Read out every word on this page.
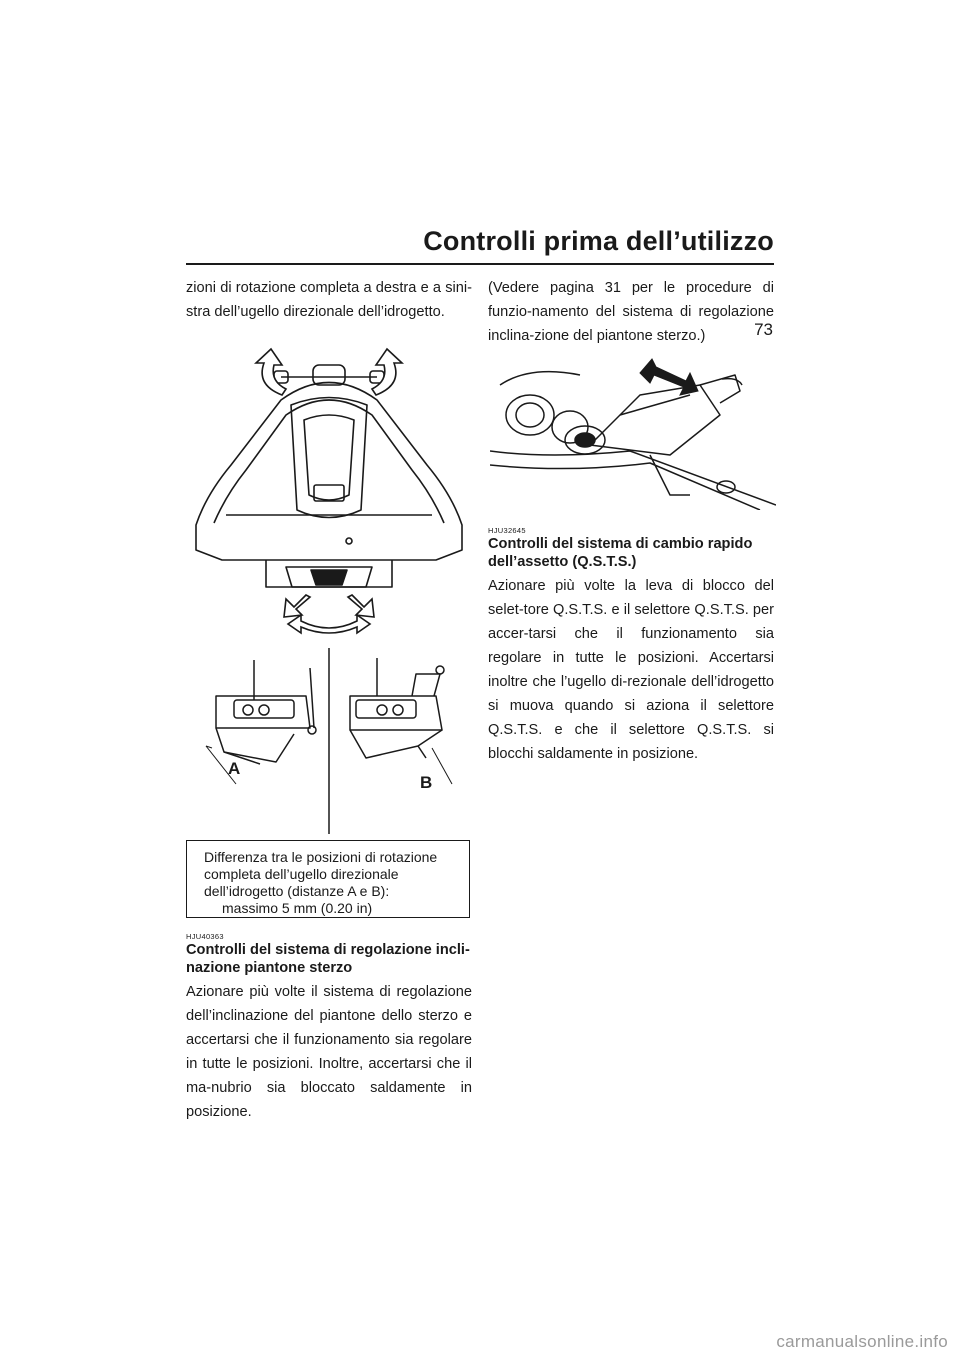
Controlli prima dell’utilizzo
73

zioni di rotazione completa a destra e a sini-stra dell’ugello direzionale dell’idrogetto.

A
B
Differenza tra le posizioni di rotazione
completa dell’ugello direzionale
dell’idrogetto (distanze A e B):
massimo 5 mm (0.20 in)
HJU40363

Controlli del sistema di regolazione incli-nazione piantone sterzo

Azionare più volte il sistema di regolazione dell’inclinazione del piantone dello sterzo e accertarsi che il funzionamento sia regolare in tutte le posizioni. Inoltre, accertarsi che il ma-nubrio sia bloccato saldamente in posizione.

(Vedere pagina 31 per le procedure di funzio-namento del sistema di regolazione inclina-zione del piantone sterzo.)

HJU32645

Controlli del sistema di cambio rapido dell’assetto (Q.S.T.S.)

Azionare più volte la leva di blocco del selet-tore Q.S.T.S. e il selettore Q.S.T.S. per accer-tarsi che il funzionamento sia regolare in tutte le posizioni. Accertarsi inoltre che l’ugello di-rezionale dell’idrogetto si muova quando si aziona il selettore Q.S.T.S. e che il selettore Q.S.T.S. si blocchi saldamente in posizione.

carmanualsonline.info
